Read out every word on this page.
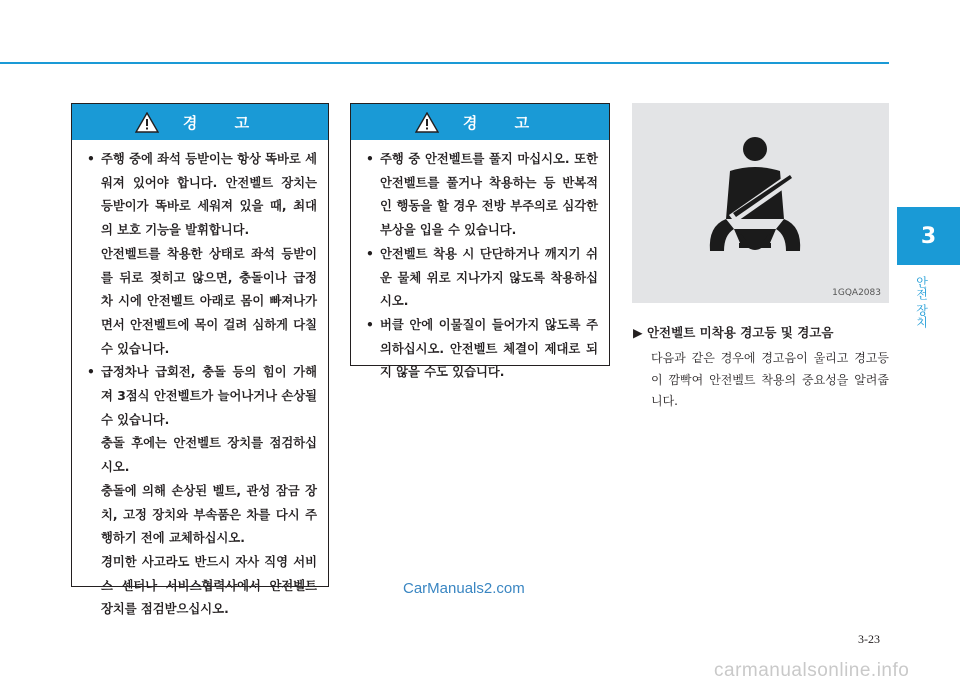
3
안전 장치
경 고
• 주행 중에 좌석 등받이는 항상 똑바로 세워져 있어야 합니다. 안전벨트 장치는 등받이가 똑바로 세워져 있을 때, 최대의 보호 기능을 발휘합니다.
안전벨트를 착용한 상태로 좌석 등받이를 뒤로 젖히고 않으면, 충돌이나 급정차 시에 안전벨트 아래로 몸이 빠져나가면서 안전벨트에 목이 걸려 심하게 다칠 수 있습니다.
• 급정차나 급회전, 충돌 등의 힘이 가해져 3점식 안전벨트가 늘어나거나 손상될 수 있습니다.
충돌 후에는 안전벨트 장치를 점검하십시오.
충돌에 의해 손상된 벨트, 관성 잠금 장치, 고정 장치와 부속품은 차를 다시 주행하기 전에 교체하십시오.
경미한 사고라도 반드시 자사 직영 서비스 센터나 서비스협력사에서 안전벨트 장치를 점검받으십시오.
경 고
• 주행 중 안전벨트를 풀지 마십시오. 또한 안전벨트를 풀거나 착용하는 등 반복적인 행동을 할 경우 전방 부주의로 심각한 부상을 입을 수 있습니다.
• 안전벨트 착용 시 단단하거나 깨지기 쉬운 물체 위로 지나가지 않도록 착용하십시오.
• 버클 안에 이물질이 들어가지 않도록 주의하십시오. 안전벨트 체결이 제대로 되지 않을 수도 있습니다.
1GQA2083
▶ 안전벨트 미착용 경고등 및 경고음
다음과 같은 경우에 경고음이 울리고 경고등이 깜빡여 안전벨트 착용의 중요성을 알려줍니다.
CarManuals2.com
3-23
carmanualsonline.info
